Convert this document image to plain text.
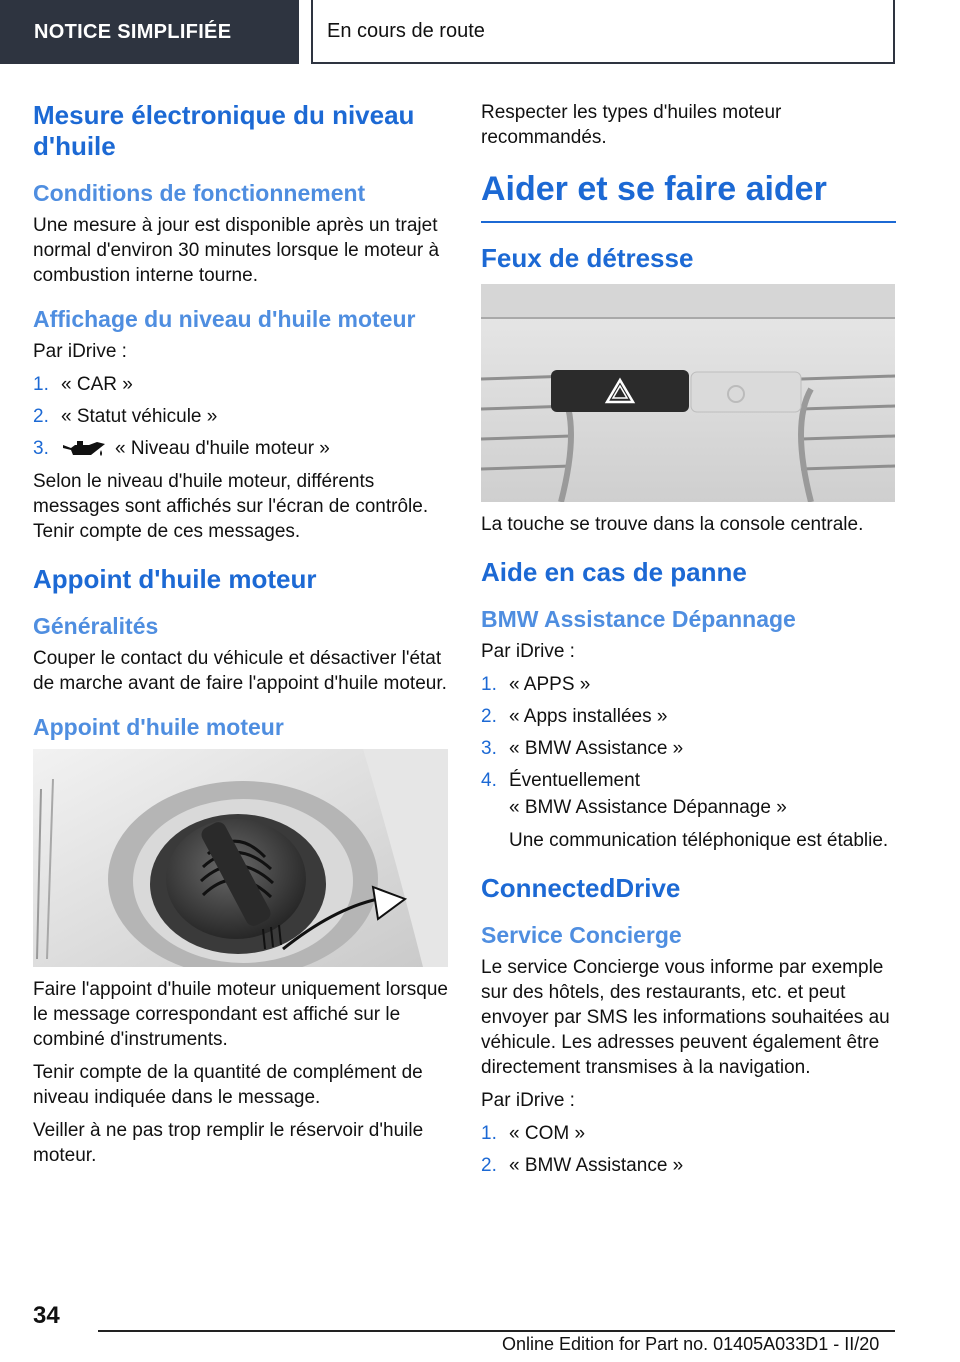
NOTICE SIMPLIFIÉE	En cours de route
Mesure électronique du niveau d'huile
Conditions de fonctionnement

Une mesure à jour est disponible après un trajet normal d'environ 30 minutes lorsque le moteur à combustion interne tourne.

Affichage du niveau d'huile moteur

Par iDrive :

1. « CAR »
2. « Statut véhicule »
3.	« Niveau d'huile moteur »

Selon le niveau d'huile moteur, différents messages sont affichés sur l'écran de contrôle. Tenir compte de ces messages.

Appoint d'huile moteur
Généralités

Couper le contact du véhicule et désactiver l'état de marche avant de faire l'appoint d'huile moteur.

Appoint d'huile moteur

Faire l'appoint d'huile moteur uniquement lorsque le message correspondant est affiché sur le combiné d'instruments.

Tenir compte de la quantité de complément de niveau indiquée dans le message.

Veiller à ne pas trop remplir le réservoir d'huile moteur.

Respecter les types d'huiles moteur recommandés.

Aider et se faire aider
Feux de détresse

La touche se trouve dans la console centrale.

Aide en cas de panne
BMW Assistance Dépannage

Par iDrive :

1. « APPS »
2. « Apps installées »
3. « BMW Assistance »
4. Éventuellement
« BMW Assistance Dépannage »
Une communication téléphonique est établie.
ConnectedDrive
Service Concierge

Le service Concierge vous informe par exemple sur des hôtels, des restaurants, etc. et peut envoyer par SMS les informations souhaitées au véhicule. Les adresses peuvent également être directement transmises à la navigation.

Par iDrive :

1. « COM »
2. « BMW Assistance »
34
Online Edition for Part no. 01405A033D1 - II/20
